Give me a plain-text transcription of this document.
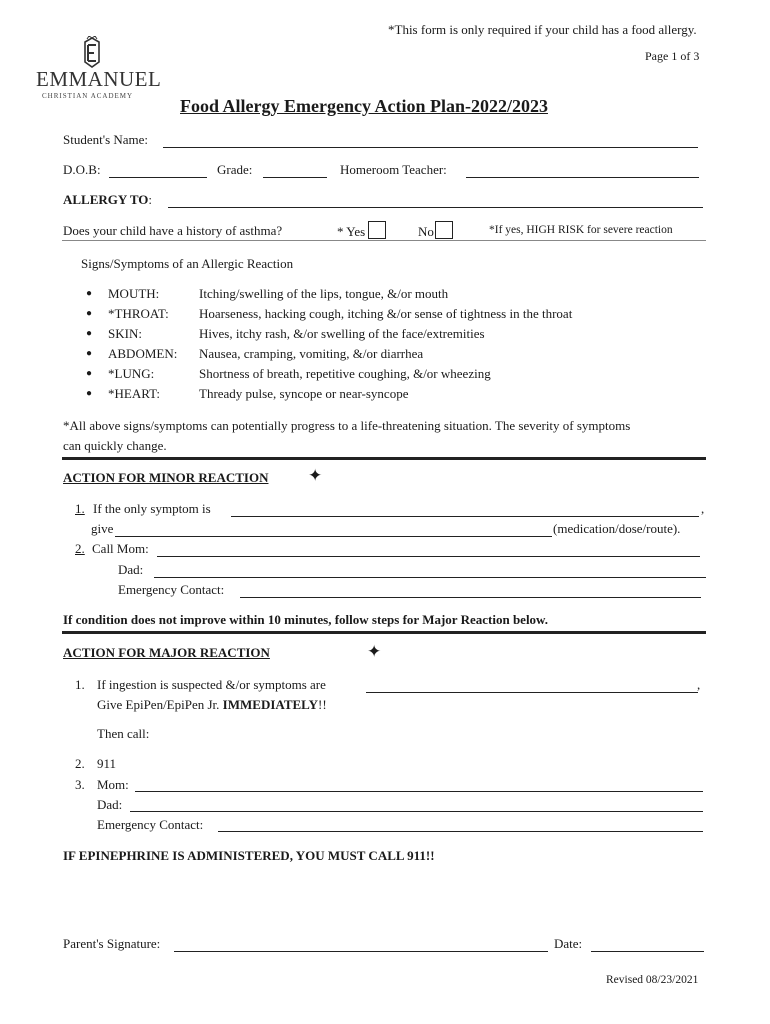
*This form is only required if your child has a food allergy.
Page 1 of 3
EMMANUEL
CHRISTIAN ACADEMY	Food Allergy Emergency Action Plan-2022/2023
Student's Name:
D.O.B:	Grade:	Homeroom Teacher:
ALLERGY TO:
Does your child have a history of asthma?	* Yes	No	*If yes, HIGH RISK for severe reaction
Signs/Symptoms of an Allergic Reaction
● MOUTH:	Itching/swelling of the lips, tongue, &/or mouth
● *THROAT: Hoarseness, hacking cough, itching &/or sense of tightness in the throat
● SKIN:	Hives, itchy rash, &/or swelling of the face/extremities
● ABDOMEN: Nausea, cramping, vomiting, &/or diarrhea
● *LUNG:	Shortness of breath, repetitive coughing, &/or wheezing
● *HEART:	Thready pulse, syncope or near-syncope
*All above signs/symptoms can potentially progress to a life-threatening situation. The severity of symptoms
can quickly change.
ACTION FOR MINOR REACTION ✦
1. If the only symptom is	,
give	(medication/dose/route).
2. Call Mom:
Dad:
Emergency Contact:
If condition does not improve within 10 minutes, follow steps for Major Reaction below.
ACTION FOR MAJOR REACTION	✦
1. If ingestion is suspected &/or symptoms are	,
Give EpiPen/EpiPen Jr. IMMEDIATELY!!
Then call:
2. 911
3. Mom:
Dad:
Emergency Contact:
IF EPINEPHRINE IS ADMINISTERED, YOU MUST CALL 911!!
Parent's Signature:	Date:
Revised 08/23/2021
